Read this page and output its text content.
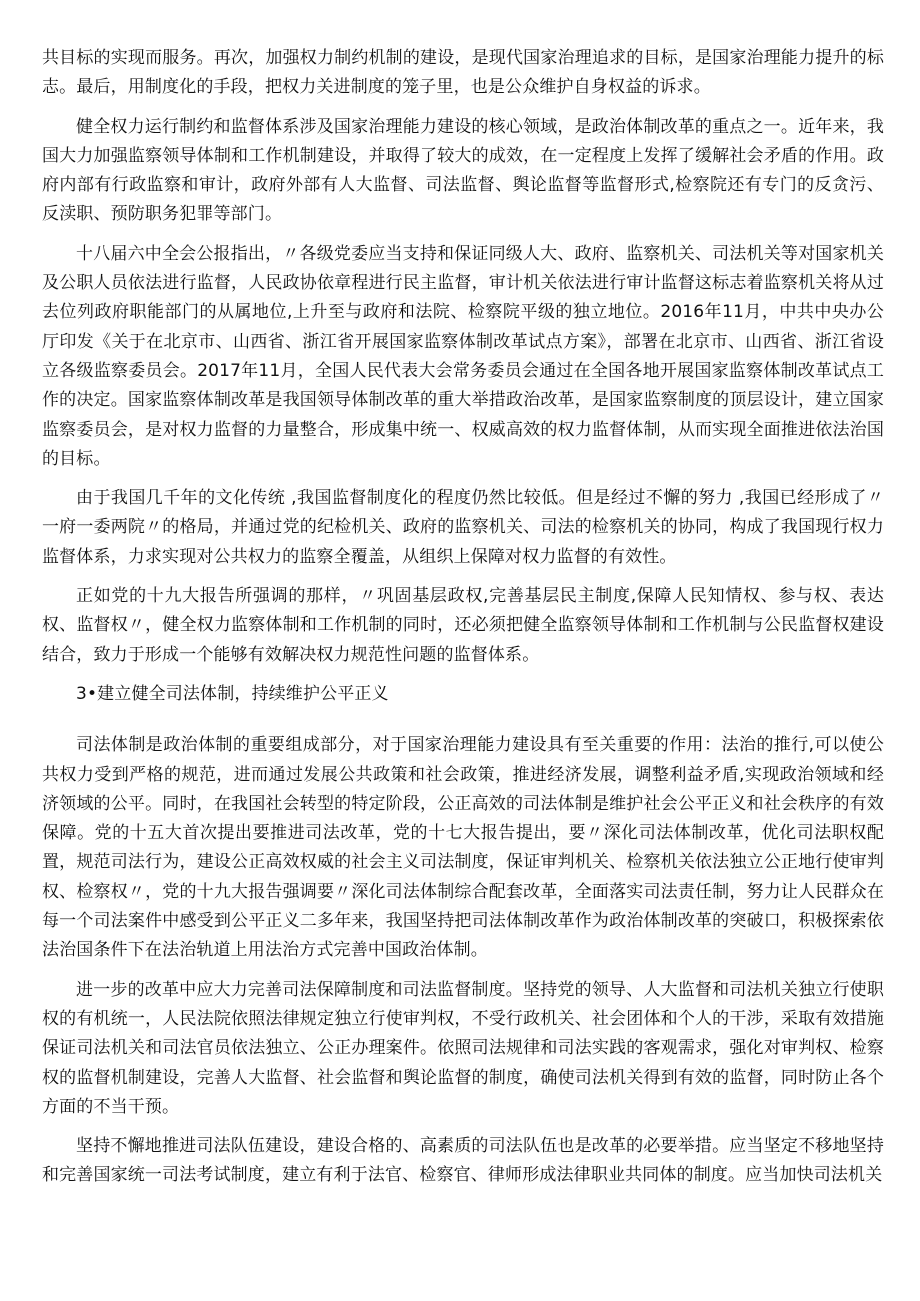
共目标的实现而服务。再次，加强权力制约机制的建设，是现代国家治理追求的目标，是国家治理能力提升的标志。最后，用制度化的手段，把权力关进制度的笼子里，也是公众维护自身权益的诉求。

健全权力运行制约和监督体系涉及国家治理能力建设的核心领域，是政治体制改革的重点之一。近年来，我国大力加强监察领导体制和工作机制建设，并取得了较大的成效，在一定程度上发挥了缓解社会矛盾的作用。政府内部有行政监察和审计，政府外部有人大监督、司法监督、舆论监督等监督形式,检察院还有专门的反贪污、反渎职、预防职务犯罪等部门。

十八届六中全会公报指出，〃各级党委应当支持和保证同级人大、政府、监察机关、司法机关等对国家机关及公职人员依法进行监督，人民政协依章程进行民主监督，审计机关依法进行审计监督这标志着监察机关将从过去位列政府职能部门的从属地位,上升至与政府和法院、检察院平级的独立地位。2016年11月，中共中央办公厅印发《关于在北京市、山西省、浙江省开展国家监察体制改革试点方案》，部署在北京市、山西省、浙江省设立各级监察委员会。2017年11月，全国人民代表大会常务委员会通过在全国各地开展国家监察体制改革试点工作的决定。国家监察体制改革是我国领导体制改革的重大举措政治改革，是国家监察制度的顶层设计，建立国家监察委员会，是对权力监督的力量整合，形成集中统一、权威高效的权力监督体制，从而实现全面推进依法治国的目标。

由于我国几千年的文化传统 ,我国监督制度化的程度仍然比较低。但是经过不懈的努力 ,我国已经形成了〃一府一委两院〃的格局，并通过党的纪检机关、政府的监察机关、司法的检察机关的协同，构成了我国现行权力监督体系，力求实现对公共权力的监察全覆盖，从组织上保障对权力监督的有效性。

正如党的十九大报告所强调的那样，〃巩固基层政权,完善基层民主制度,保障人民知情权、参与权、表达权、监督权〃，健全权力监察体制和工作机制的同时，还必须把健全监察领导体制和工作机制与公民监督权建设结合，致力于形成一个能够有效解决权力规范性问题的监督体系。

3•建立健全司法体制，持续维护公平正义

司法体制是政治体制的重要组成部分，对于国家治理能力建设具有至关重要的作用：法治的推行,可以使公共权力受到严格的规范，进而通过发展公共政策和社会政策，推进经济发展，调整利益矛盾,实现政治领域和经济领域的公平。同时，在我国社会转型的特定阶段，公正高效的司法体制是维护社会公平正义和社会秩序的有效保障。党的十五大首次提出要推进司法改革，党的十七大报告提出，要〃深化司法体制改革，优化司法职权配置，规范司法行为，建设公正高效权威的社会主义司法制度，保证审判机关、检察机关依法独立公正地行使审判权、检察权〃，党的十九大报告强调要〃深化司法体制综合配套改革，全面落实司法责任制，努力让人民群众在每一个司法案件中感受到公平正义二多年来，我国坚持把司法体制改革作为政治体制改革的突破口，积极探索依法治国条件下在法治轨道上用法治方式完善中国政治体制。

进一步的改革中应大力完善司法保障制度和司法监督制度。坚持党的领导、人大监督和司法机关独立行使职权的有机统一，人民法院依照法律规定独立行使审判权，不受行政机关、社会团体和个人的干涉，采取有效措施保证司法机关和司法官员依法独立、公正办理案件。依照司法规律和司法实践的客观需求，强化对审判权、检察权的监督机制建设，完善人大监督、社会监督和舆论监督的制度，确使司法机关得到有效的监督，同时防止各个方面的不当干预。

坚持不懈地推进司法队伍建设，建设合格的、高素质的司法队伍也是改革的必要举措。应当坚定不移地坚持和完善国家统一司法考试制度，建立有利于法官、检察官、律师形成法律职业共同体的制度。应当加快司法机关
